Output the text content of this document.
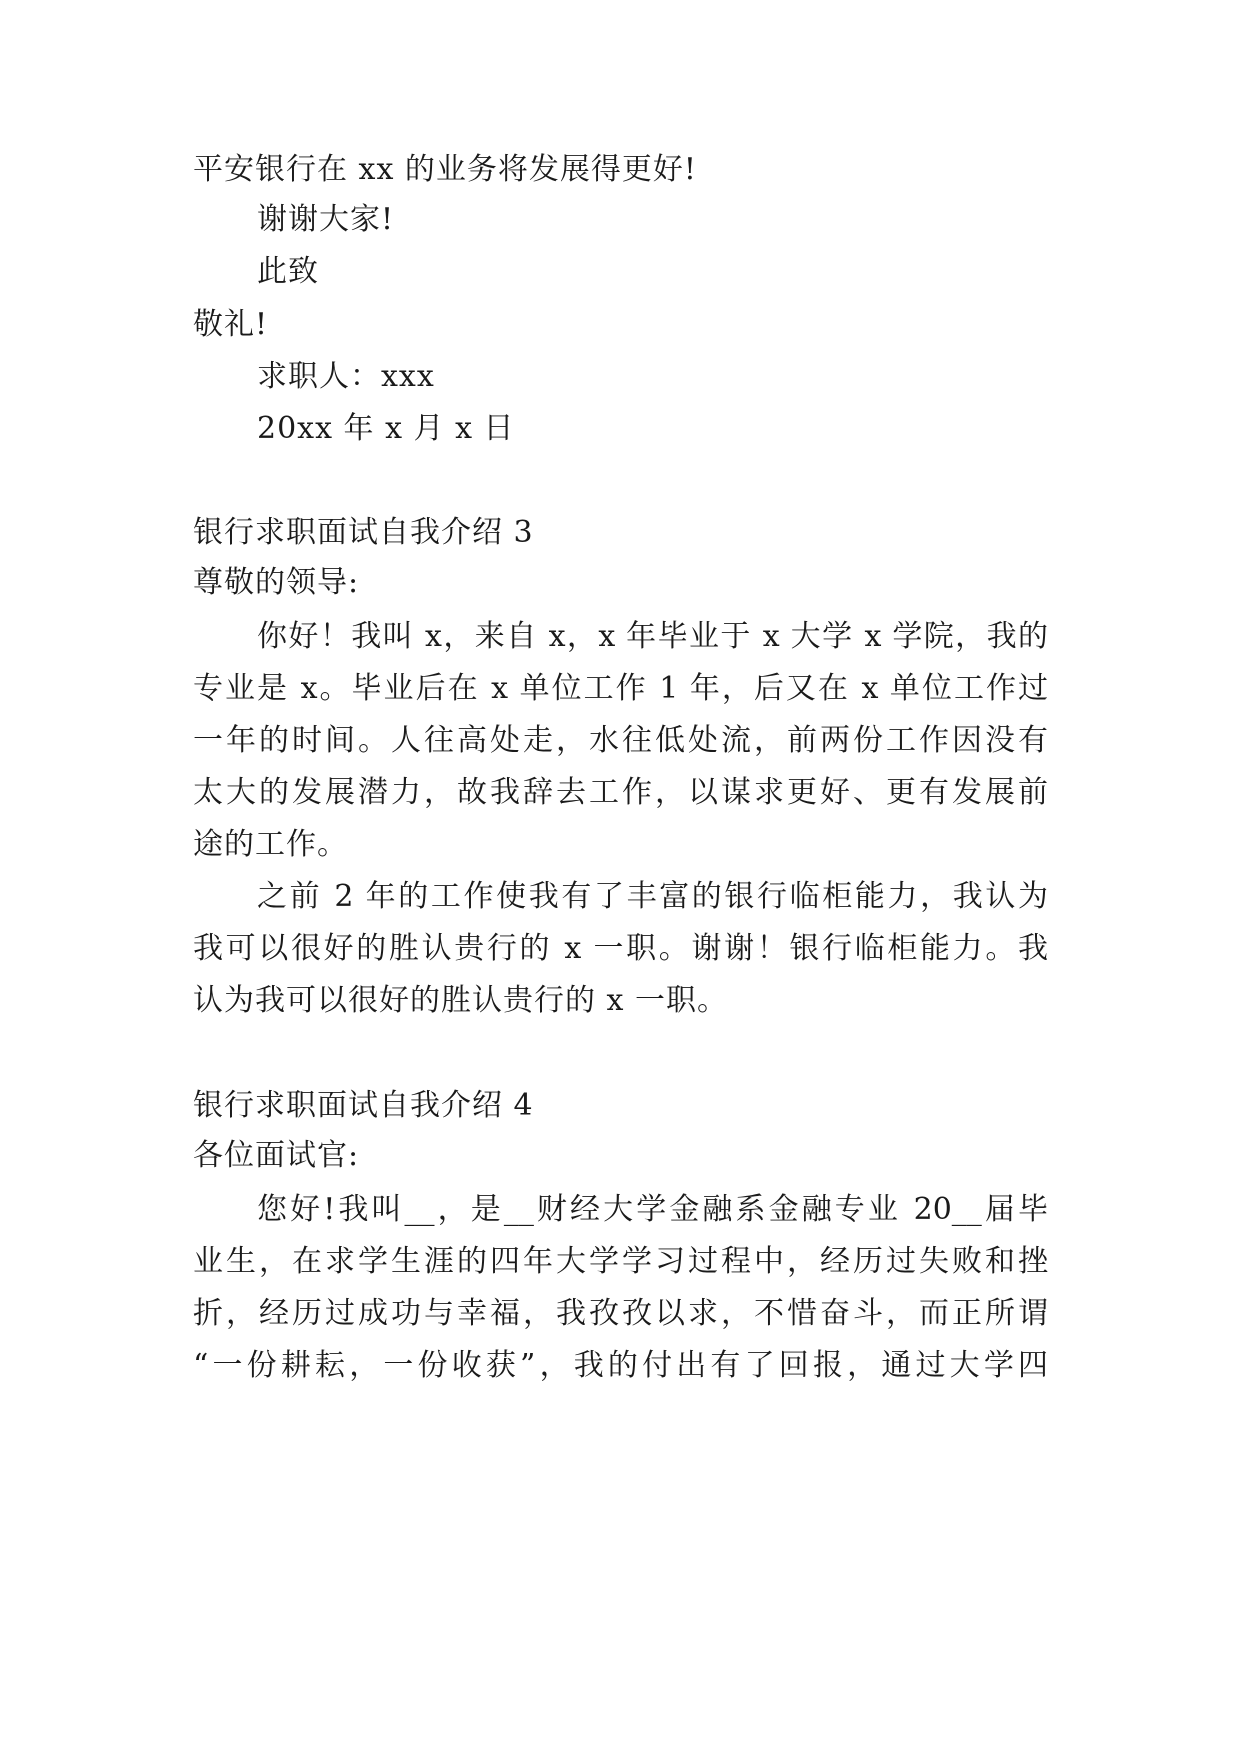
平安银行在 xx 的业务将发展得更好!
谢谢大家!
此致
敬礼!
求职人：xxx
20xx 年 x 月 x 日
银行求职面试自我介绍 3
尊敬的领导:
你好！我叫 x，来自 x，x 年毕业于 x 大学 x 学院，我的
专业是 x。毕业后在 x 单位工作 1 年，后又在 x 单位工作过
一年的时间。人往高处走，水往低处流，前两份工作因没有
太大的发展潜力，故我辞去工作，以谋求更好、更有发展前
途的工作。
之前 2 年的工作使我有了丰富的银行临柜能力，我认为
我可以很好的胜认贵行的 x 一职。谢谢！银行临柜能力。我
认为我可以很好的胜认贵行的 x 一职。
银行求职面试自我介绍 4
各位面试官:
您好!我叫__，是__财经大学金融系金融专业 20__届毕
业生，在求学生涯的四年大学学习过程中，经历过失败和挫
折，经历过成功与幸福，我孜孜以求，不惜奋斗，而正所谓
“一份耕耘，一份收获”，我的付出有了回报，通过大学四
